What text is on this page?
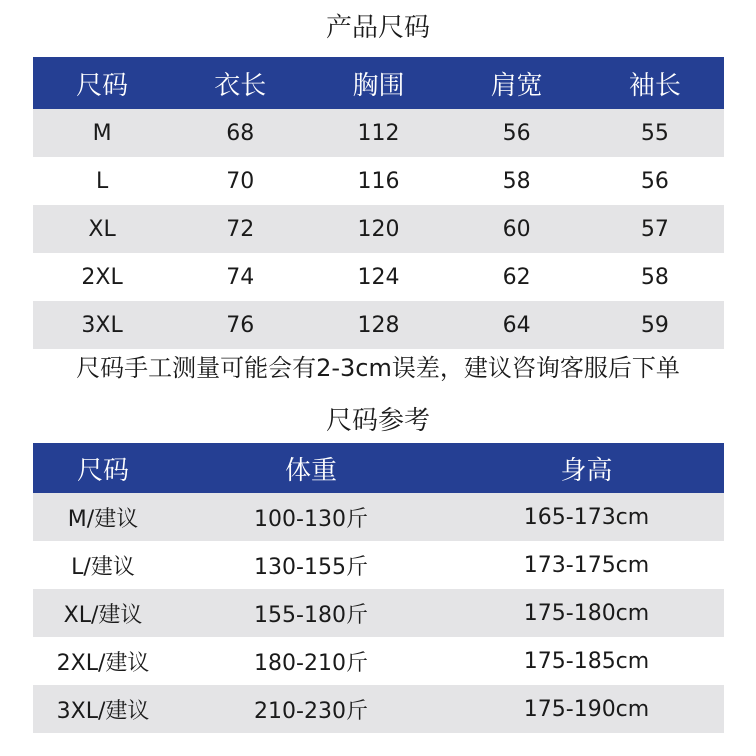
产品尺码
尺码	衣长	胸围	肩宽	袖长
M	68	112	56	55
L	70	116	58	56
XL	72	120	60	57
2XL	74	124	62	58
3XL	76	128	64	59
尺码手工测量可能会有2-3cm误差，建议咨询客服后下单
尺码参考
尺码	体重	身高
M/建议	100-130斤	165-173cm
L/建议	130-155斤	173-175cm
XL/建议	155-180斤	175-180cm
2XL/建议	180-210斤	175-185cm
3XL/建议	210-230斤	175-190cm
